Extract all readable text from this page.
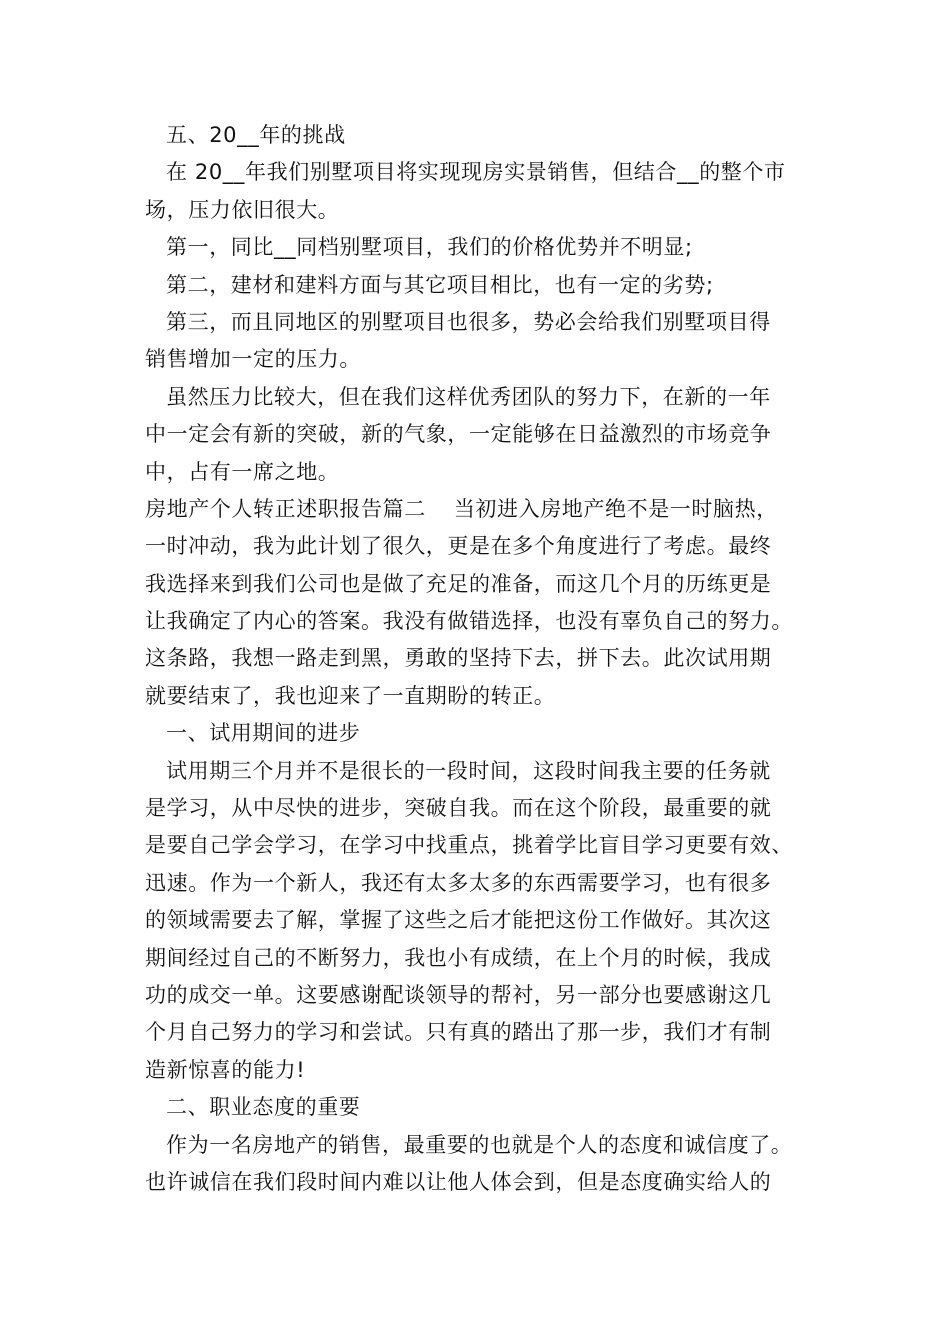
五、20__年的挑战
在 20__年我们别墅项目将实现现房实景销售，但结合__的整个市
场，压力依旧很大。
第一，同比__同档别墅项目，我们的价格优势并不明显;
第二，建材和建料方面与其它项目相比，也有一定的劣势;
第三，而且同地区的别墅项目也很多，势必会给我们别墅项目得
销售增加一定的压力。
虽然压力比较大，但在我们这样优秀团队的努力下，在新的一年
中一定会有新的突破，新的气象，一定能够在日益激烈的市场竞争
中，占有一席之地。
房地产个人转正述职报告篇二 当初进入房地产绝不是一时脑热，
一时冲动，我为此计划了很久，更是在多个角度进行了考虑。最终
我选择来到我们公司也是做了充足的准备，而这几个月的历练更是
让我确定了内心的答案。我没有做错选择，也没有辜负自己的努力。
这条路，我想一路走到黑，勇敢的坚持下去，拼下去。此次试用期
就要结束了，我也迎来了一直期盼的转正。
一、试用期间的进步
试用期三个月并不是很长的一段时间，这段时间我主要的任务就
是学习，从中尽快的进步，突破自我。而在这个阶段，最重要的就
是要自己学会学习，在学习中找重点，挑着学比盲目学习更要有效、
迅速。作为一个新人，我还有太多太多的东西需要学习，也有很多
的领域需要去了解，掌握了这些之后才能把这份工作做好。其次这
期间经过自己的不断努力，我也小有成绩，在上个月的时候，我成
功的成交一单。这要感谢配谈领导的帮衬，另一部分也要感谢这几
个月自己努力的学习和尝试。只有真的踏出了那一步，我们才有制
造新惊喜的能力!
二、职业态度的重要
作为一名房地产的销售，最重要的也就是个人的态度和诚信度了。
也许诚信在我们段时间内难以让他人体会到，但是态度确实给人的
